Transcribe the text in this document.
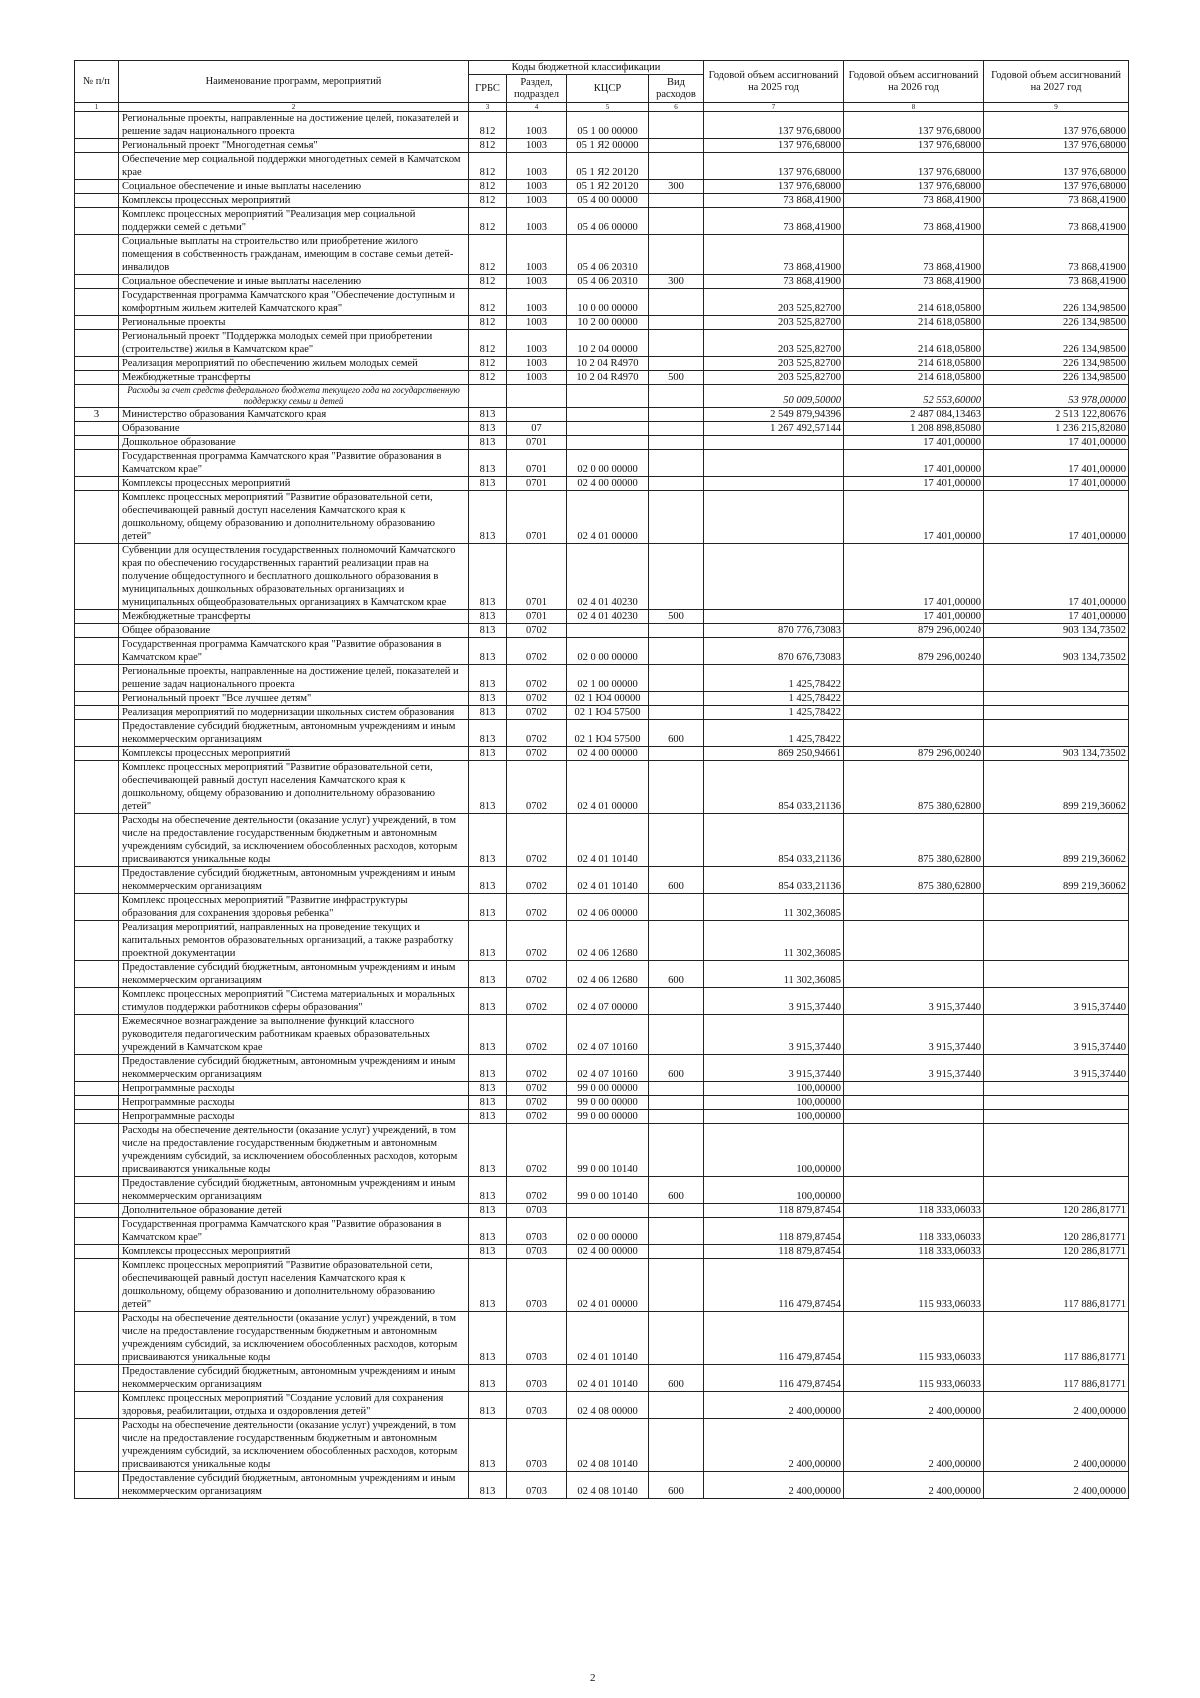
№ п/п	Наименование программ, мероприятий	Коды бюджетной классификации				Годовой объем ассигнований на 2025 год	Годовой объем ассигнований на 2026 год	Годовой объем ассигнований на 2027 год
		ГРБС	Раздел, подраздел	КЦСР	Вид расходов			
1	2	3	4	5	6	7	8	9
	Региональные проекты, направленные на достижение целей, показателей и решение задач национального проекта	812	1003	05 1 00 00000		137 976,68000	137 976,68000	137 976,68000
	Региональный проект "Многодетная семья"	812	1003	05 1 Я2 00000		137 976,68000	137 976,68000	137 976,68000
	Обеспечение мер социальной поддержки многодетных семей в Камчатском крае	812	1003	05 1 Я2 20120		137 976,68000	137 976,68000	137 976,68000
	Социальное обеспечение и иные выплаты населению	812	1003	05 1 Я2 20120	300	137 976,68000	137 976,68000	137 976,68000
	Комплексы процессных мероприятий	812	1003	05 4 00 00000		73 868,41900	73 868,41900	73 868,41900
	Комплекс процессных мероприятий "Реализация мер социальной поддержки семей с детьми"	812	1003	05 4 06 00000		73 868,41900	73 868,41900	73 868,41900
	Социальные выплаты на строительство или приобретение жилого помещения в собственность гражданам, имеющим в составе семьи детей-инвалидов	812	1003	05 4 06 20310		73 868,41900	73 868,41900	73 868,41900
	Социальное обеспечение и иные выплаты населению	812	1003	05 4 06 20310	300	73 868,41900	73 868,41900	73 868,41900
	Государственная программа Камчатского края "Обеспечение доступным и комфортным жильем жителей Камчатского края"	812	1003	10 0 00 00000		203 525,82700	214 618,05800	226 134,98500
	Региональные проекты	812	1003	10 2 00 00000		203 525,82700	214 618,05800	226 134,98500
	Региональный проект "Поддержка молодых семей при приобретении (строительстве) жилья в Камчатском крае"	812	1003	10 2 04 00000		203 525,82700	214 618,05800	226 134,98500
	Реализация мероприятий по обеспечению жильем молодых семей	812	1003	10 2 04 R4970		203 525,82700	214 618,05800	226 134,98500
	Межбюджетные трансферты	812	1003	10 2 04 R4970	500	203 525,82700	214 618,05800	226 134,98500
	Расходы за счет средств федерального бюджета текущего года на государственную поддержку семьи и детей					50 009,50000	52 553,60000	53 978,00000
3	Министерство образования Камчатского края	813				2 549 879,94396	2 487 084,13463	2 513 122,80676
	Образование	813	07			1 267 492,57144	1 208 898,85080	1 236 215,82080
	Дошкольное образование	813	0701				17 401,00000	17 401,00000
	Государственная программа Камчатского края "Развитие образования в Камчатском крае"	813	0701	02 0 00 00000			17 401,00000	17 401,00000
	Комплексы процессных мероприятий	813	0701	02 4 00 00000			17 401,00000	17 401,00000
	Комплекс процессных мероприятий "Развитие образовательной сети, обеспечивающей равный доступ населения Камчатского края к дошкольному, общему образованию и дополнительному образованию детей"	813	0701	02 4 01 00000			17 401,00000	17 401,00000
	Субвенции для осуществления государственных полномочий Камчатского края по обеспечению государственных гарантий реализации прав на получение общедоступного и бесплатного дошкольного образования в муниципальных дошкольных образовательных организациях и муниципальных общеобразовательных организациях в Камчатском крае	813	0701	02 4 01 40230			17 401,00000	17 401,00000
	Межбюджетные трансферты	813	0701	02 4 01 40230	500		17 401,00000	17 401,00000
	Общее образование	813	0702			870 776,73083	879 296,00240	903 134,73502
	Государственная программа Камчатского края "Развитие образования в Камчатском крае"	813	0702	02 0 00 00000		870 676,73083	879 296,00240	903 134,73502
	Региональные проекты, направленные на достижение целей, показателей и решение задач национального проекта	813	0702	02 1 00 00000		1 425,78422		
	Региональный проект "Все лучшее детям"	813	0702	02 1 Ю4 00000		1 425,78422		
	Реализация мероприятий по модернизации школьных систем образования	813	0702	02 1 Ю4 57500		1 425,78422		
	Предоставление субсидий бюджетным, автономным учреждениям и иным некоммерческим организациям	813	0702	02 1 Ю4 57500	600	1 425,78422		
	Комплексы процессных мероприятий	813	0702	02 4 00 00000		869 250,94661	879 296,00240	903 134,73502
	Комплекс процессных мероприятий "Развитие образовательной сети, обеспечивающей равный доступ населения Камчатского края к дошкольному, общему образованию и дополнительному образованию детей"	813	0702	02 4 01 00000		854 033,21136	875 380,62800	899 219,36062
	Расходы на обеспечение деятельности (оказание услуг) учреждений, в том числе на предоставление государственным бюджетным и автономным учреждениям субсидий, за исключением обособленных расходов, которым присваиваются уникальные коды	813	0702	02 4 01 10140		854 033,21136	875 380,62800	899 219,36062
	Предоставление субсидий бюджетным, автономным учреждениям и иным некоммерческим организациям	813	0702	02 4 01 10140	600	854 033,21136	875 380,62800	899 219,36062
	Комплекс процессных мероприятий "Развитие инфраструктуры образования для сохранения здоровья ребенка"	813	0702	02 4 06 00000		11 302,36085		
	Реализация мероприятий, направленных на проведение текущих и капитальных ремонтов образовательных организаций, а также разработку проектной документации	813	0702	02 4 06 12680		11 302,36085		
	Предоставление субсидий бюджетным, автономным учреждениям и иным некоммерческим организациям	813	0702	02 4 06 12680	600	11 302,36085		
	Комплекс процессных мероприятий "Система материальных и моральных стимулов поддержки работников сферы образования"	813	0702	02 4 07 00000		3 915,37440	3 915,37440	3 915,37440
	Ежемесячное вознаграждение за выполнение функций классного руководителя педагогическим работникам краевых образовательных учреждений в Камчатском крае	813	0702	02 4 07 10160		3 915,37440	3 915,37440	3 915,37440
	Предоставление субсидий бюджетным, автономным учреждениям и иным некоммерческим организациям	813	0702	02 4 07 10160	600	3 915,37440	3 915,37440	3 915,37440
	Непрограммные расходы	813	0702	99 0 00 00000		100,00000		
	Непрограммные расходы	813	0702	99 0 00 00000		100,00000		
	Непрограммные расходы	813	0702	99 0 00 00000		100,00000		
	Расходы на обеспечение деятельности (оказание услуг) учреждений, в том числе на предоставление государственным бюджетным и автономным учреждениям субсидий, за исключением обособленных расходов, которым присваиваются уникальные коды	813	0702	99 0 00 10140		100,00000		
	Предоставление субсидий бюджетным, автономным учреждениям и иным некоммерческим организациям	813	0702	99 0 00 10140	600	100,00000		
	Дополнительное образование детей	813	0703			118 879,87454	118 333,06033	120 286,81771
	Государственная программа Камчатского края "Развитие образования в Камчатском крае"	813	0703	02 0 00 00000		118 879,87454	118 333,06033	120 286,81771
	Комплексы процессных мероприятий	813	0703	02 4 00 00000		118 879,87454	118 333,06033	120 286,81771
	Комплекс процессных мероприятий "Развитие образовательной сети, обеспечивающей равный доступ населения Камчатского края к дошкольному, общему образованию и дополнительному образованию детей"	813	0703	02 4 01 00000		116 479,87454	115 933,06033	117 886,81771
	Расходы на обеспечение деятельности (оказание услуг) учреждений, в том числе на предоставление государственным бюджетным и автономным учреждениям субсидий, за исключением обособленных расходов, которым присваиваются уникальные коды	813	0703	02 4 01 10140		116 479,87454	115 933,06033	117 886,81771
	Предоставление субсидий бюджетным, автономным учреждениям и иным некоммерческим организациям	813	0703	02 4 01 10140	600	116 479,87454	115 933,06033	117 886,81771
	Комплекс процессных мероприятий "Создание условий для сохранения здоровья, реабилитации, отдыха и оздоровления детей"	813	0703	02 4 08 00000		2 400,00000	2 400,00000	2 400,00000
	Расходы на обеспечение деятельности (оказание услуг) учреждений, в том числе на предоставление государственным бюджетным и автономным учреждениям субсидий, за исключением обособленных расходов, которым присваиваются уникальные коды	813	0703	02 4 08 10140		2 400,00000	2 400,00000	2 400,00000
	Предоставление субсидий бюджетным, автономным учреждениям и иным некоммерческим организациям	813	0703	02 4 08 10140	600	2 400,00000	2 400,00000	2 400,00000
2
